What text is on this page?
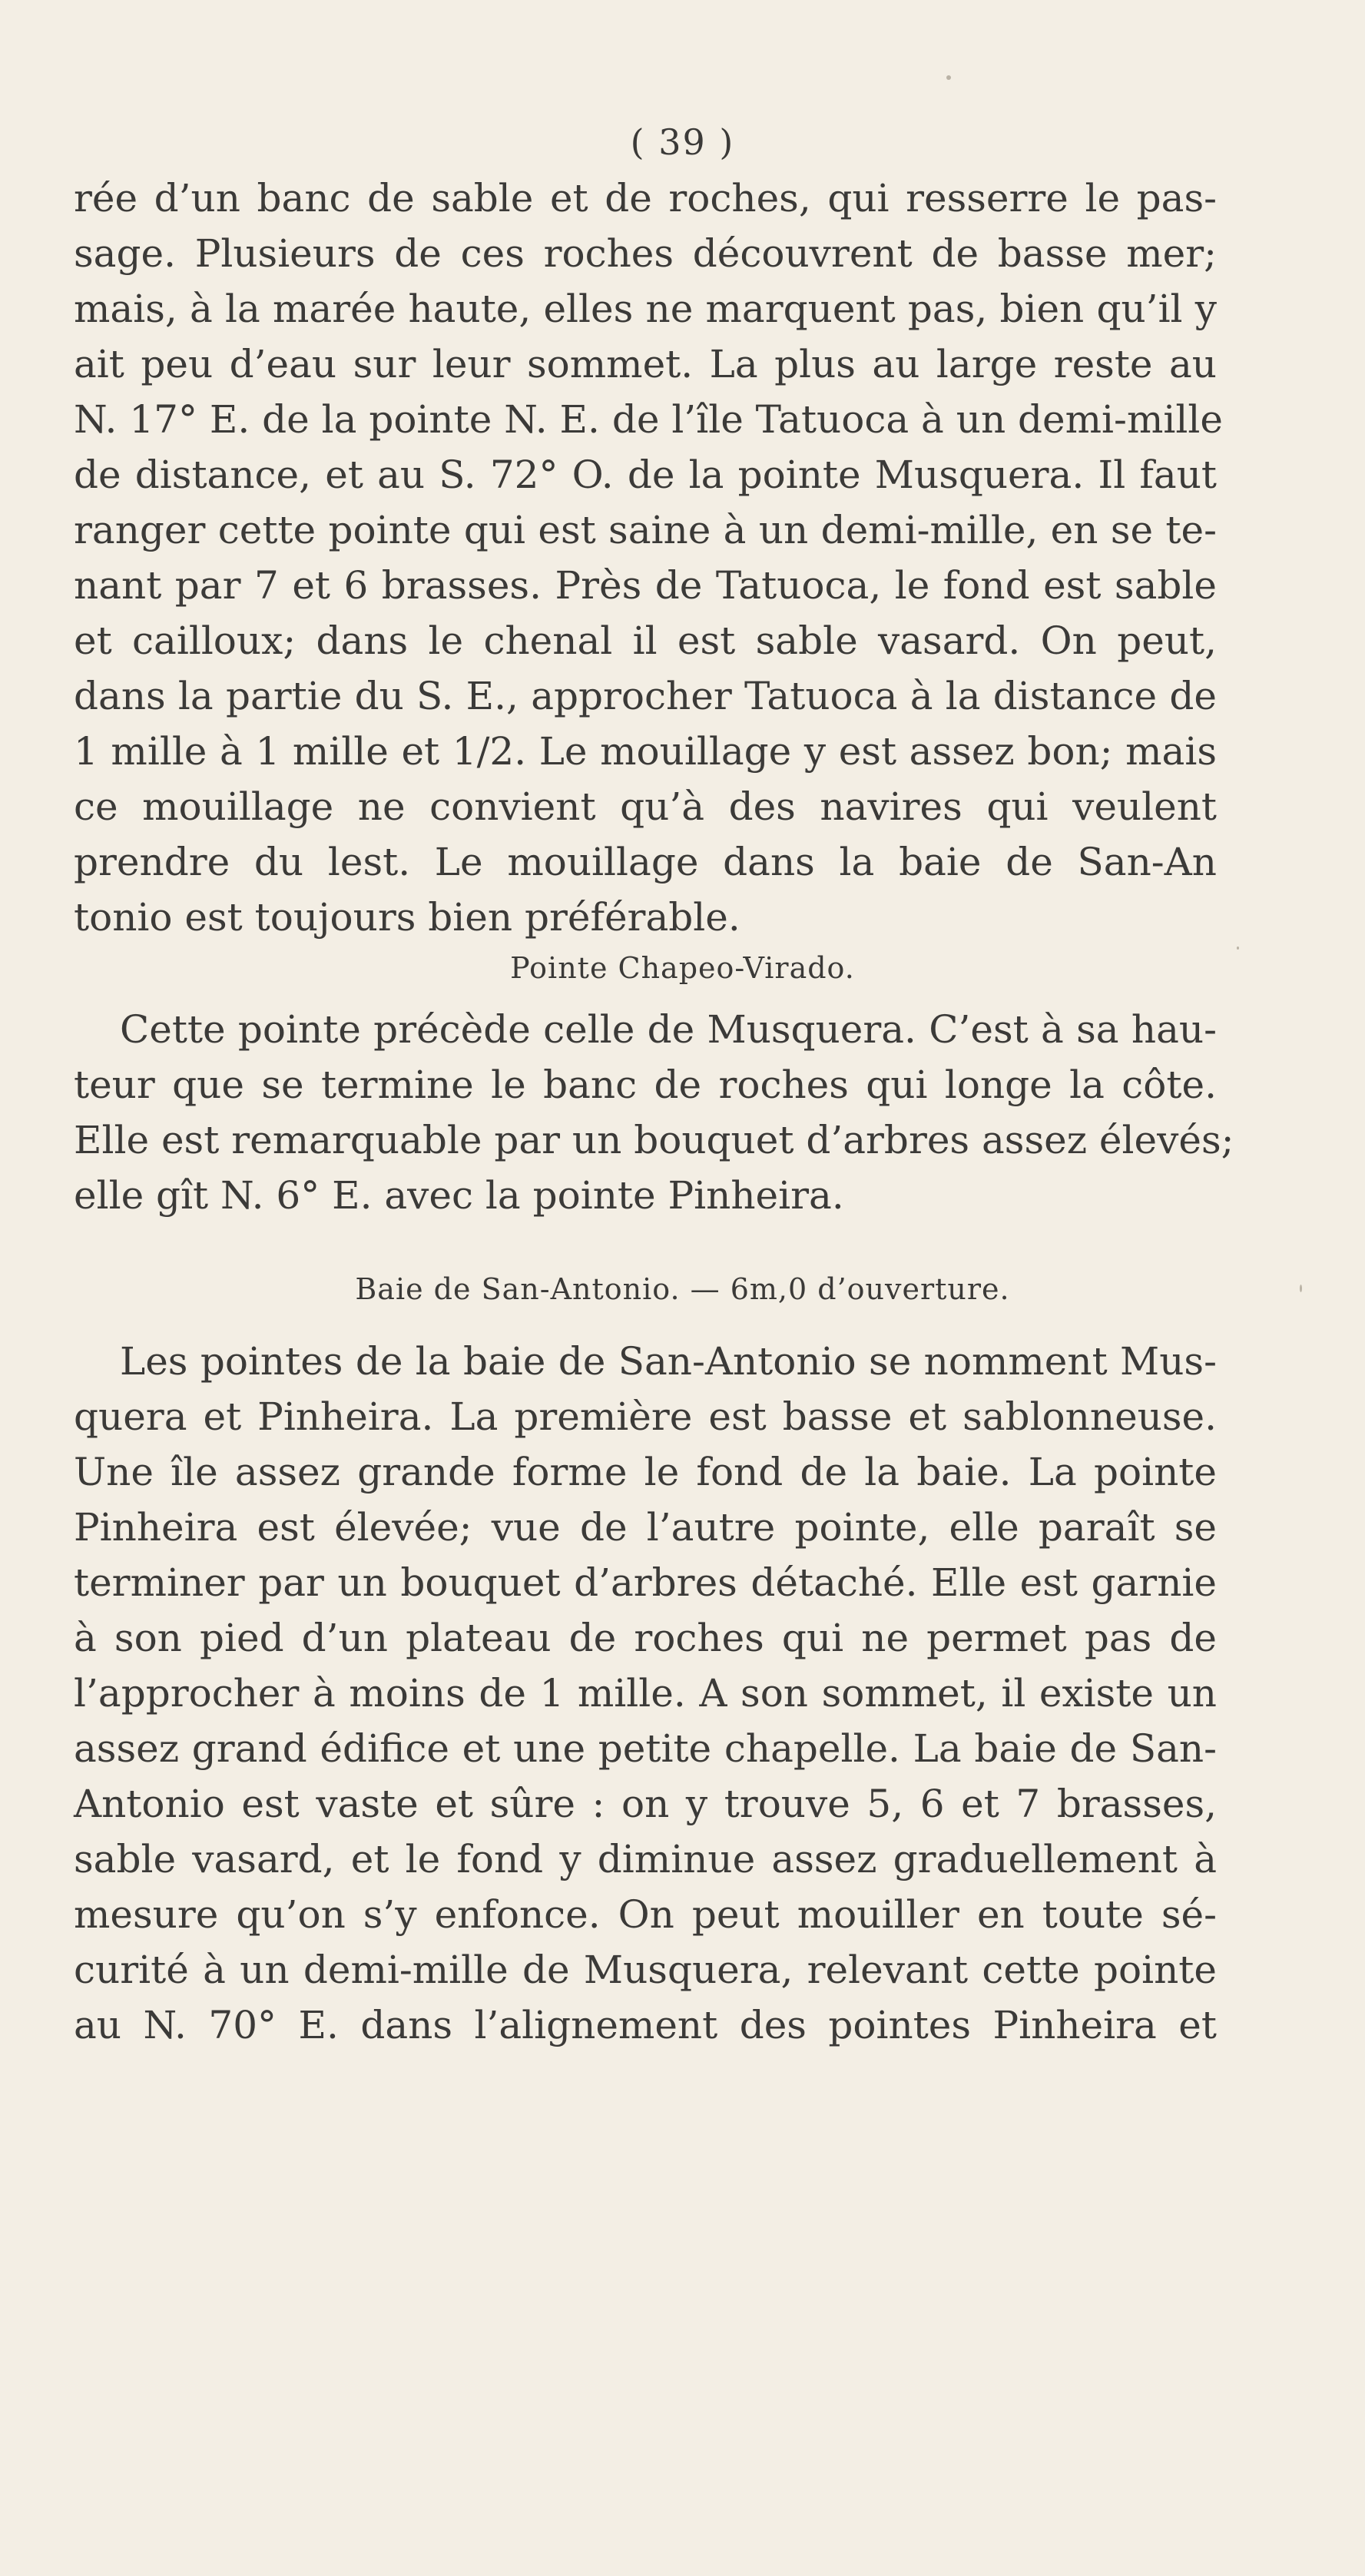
( 39 )
rée d’un banc de sable et de roches, qui resserre le pas-
sage. Plusieurs de ces roches découvrent de basse mer;
mais, à la marée haute, elles ne marquent pas, bien qu’il y
ait peu d’eau sur leur sommet. La plus au large reste au
N. 17° E. de la pointe N. E. de l’île Tatuoca à un demi-mille
de distance, et au S. 72° O. de la pointe Musquera. Il faut
ranger cette pointe qui est saine à un demi-mille, en se te-
nant par 7 et 6 brasses. Près de Tatuoca, le fond est sable
et cailloux; dans le chenal il est sable vasard. On peut,
dans la partie du S. E., approcher Tatuoca à la distance de
1 mille à 1 mille et 1/2. Le mouillage y est assez bon; mais
ce mouillage ne convient qu’à des navires qui veulent
prendre du lest. Le mouillage dans la baie de San-An
tonio est toujours bien préférable.
Pointe Chapeo-Virado.
Cette pointe précède celle de Musquera. C’est à sa hau-
teur que se termine le banc de roches qui longe la côte.
Elle est remarquable par un bouquet d’arbres assez élevés;
elle gît N. 6° E. avec la pointe Pinheira.
Baie de San-Antonio. — 6m,0 d’ouverture.
Les pointes de la baie de San-Antonio se nomment Mus-
quera et Pinheira. La première est basse et sablonneuse.
Une île assez grande forme le fond de la baie. La pointe
Pinheira est élevée; vue de l’autre pointe, elle paraît se
terminer par un bouquet d’arbres détaché. Elle est garnie
à son pied d’un plateau de roches qui ne permet pas de
l’approcher à moins de 1 mille. A son sommet, il existe un
assez grand édifice et une petite chapelle. La baie de San-
Antonio est vaste et sûre : on y trouve 5, 6 et 7 brasses,
sable vasard, et le fond y diminue assez graduellement à
mesure qu’on s’y enfonce. On peut mouiller en toute sé-
curité à un demi-mille de Musquera, relevant cette pointe
au N. 70° E. dans l’alignement des pointes Pinheira et
